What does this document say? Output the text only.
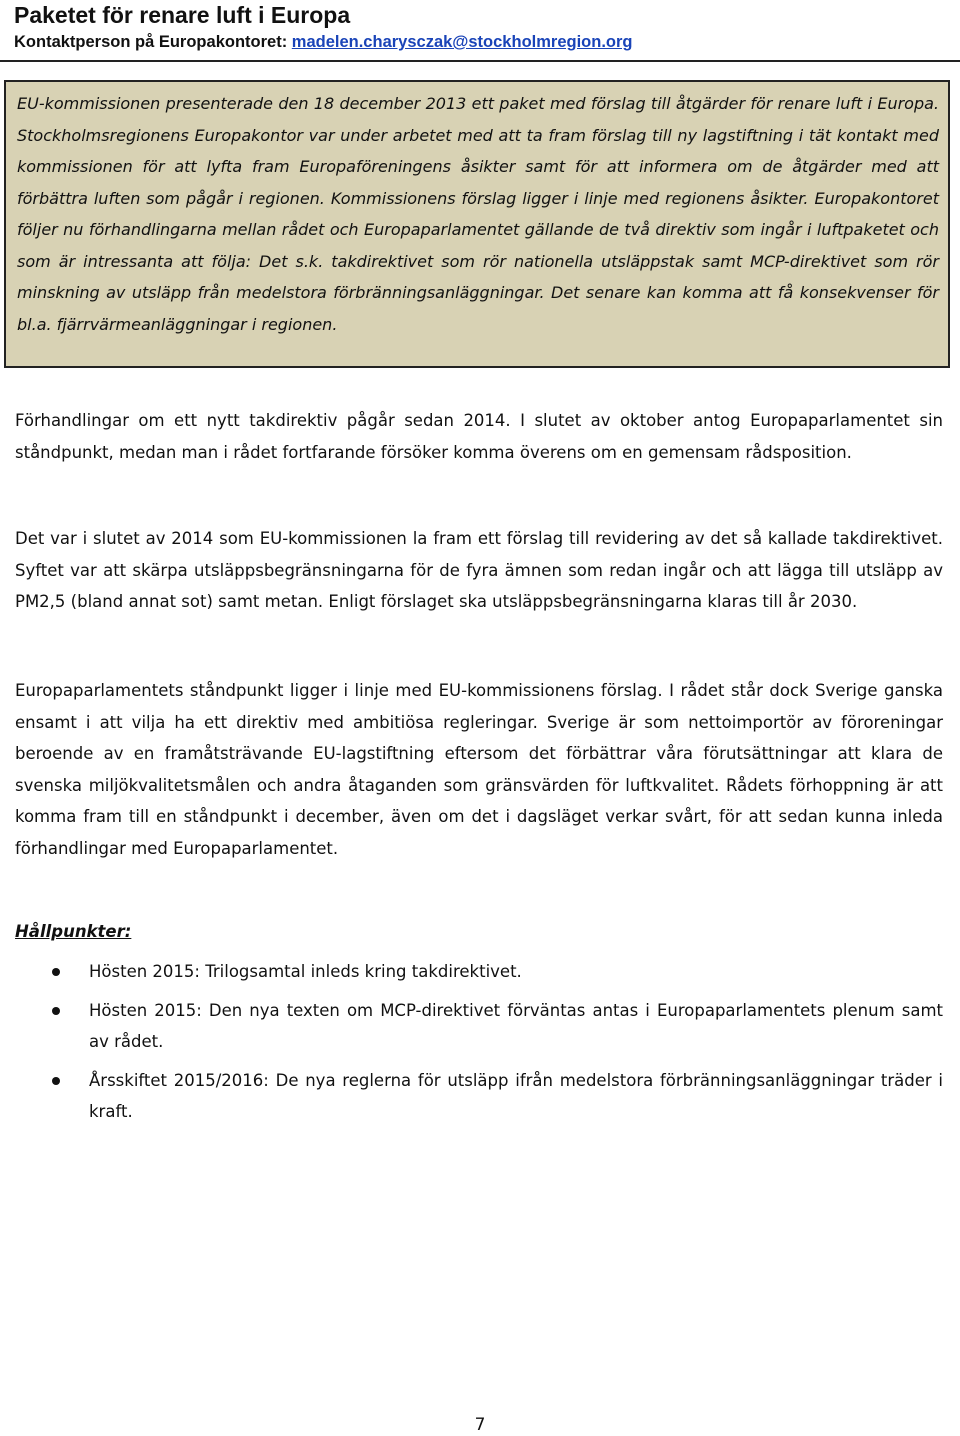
Paketet för renare luft i Europa
Kontaktperson på Europakontoret: madelen.charysczak@stockholmregion.org

EU-kommissionen presenterade den 18 december 2013 ett paket med förslag till åtgärder för renare luft i Europa. Stockholmsregionens Europakontor var under arbetet med att ta fram förslag till ny lagstiftning i tät kontakt med kommissionen för att lyfta fram Europaföreningens åsikter samt för att informera om de åtgärder med att förbättra luften som pågår i regionen. Kommissionens förslag ligger i linje med regionens åsikter. Europakontoret följer nu förhandlingarna mellan rådet och Europaparlamentet gällande de två direktiv som ingår i luftpaketet och som är intressanta att följa: Det s.k. takdirektivet som rör nationella utsläppstak samt MCP-direktivet som rör minskning av utsläpp från medelstora förbränningsanläggningar. Det senare kan komma att få konsekvenser för bl.a. fjärrvärmeanläggningar i regionen.

Förhandlingar om ett nytt takdirektiv pågår sedan 2014. I slutet av oktober antog Europaparlamentet sin ståndpunkt, medan man i rådet fortfarande försöker komma överens om en gemensam rådsposition.

Det var i slutet av 2014 som EU-kommissionen la fram ett förslag till revidering av det så kallade takdirektivet. Syftet var att skärpa utsläppsbegränsningarna för de fyra ämnen som redan ingår och att lägga till utsläpp av PM2,5 (bland annat sot) samt metan. Enligt förslaget ska utsläppsbegränsningarna klaras till år 2030.

Europaparlamentets ståndpunkt ligger i linje med EU-kommissionens förslag. I rådet står dock Sverige ganska ensamt i att vilja ha ett direktiv med ambitiösa regleringar. Sverige är som nettoimportör av föroreningar beroende av en framåtsträvande EU-lagstiftning eftersom det förbättrar våra förutsättningar att klara de svenska miljökvalitetsmålen och andra åtaganden som gränsvärden för luftkvalitet. Rådets förhoppning är att komma fram till en ståndpunkt i december, även om det i dagsläget verkar svårt, för att sedan kunna inleda förhandlingar med Europaparlamentet.

Hållpunkter:

Hösten 2015: Trilogsamtal inleds kring takdirektivet.
Hösten 2015: Den nya texten om MCP-direktivet förväntas antas i Europaparlamentets plenum samt av rådet.
Årsskiftet 2015/2016: De nya reglerna för utsläpp ifrån medelstora förbränningsanläggningar träder i kraft.
7
